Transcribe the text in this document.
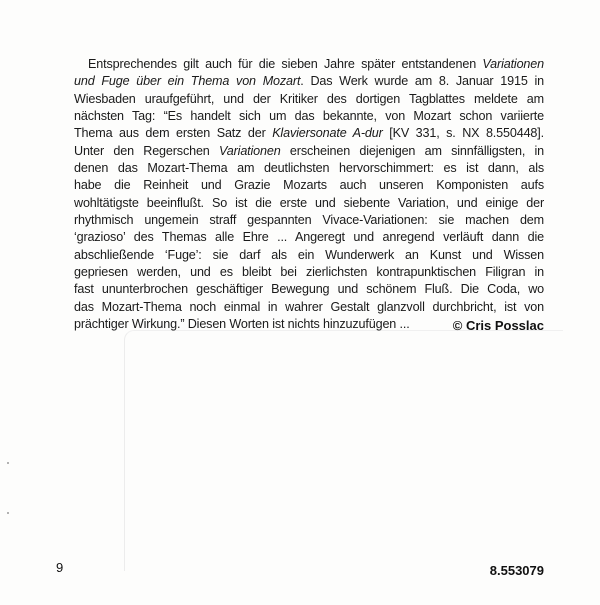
Entsprechendes gilt auch für die sieben Jahre später entstandenen Variationen
und Fuge über ein Thema von Mozart. Das Werk wurde am 8. Januar 1915 in
Wiesbaden uraufgeführt, und der Kritiker des dortigen Tagblattes meldete am
nächsten Tag: “Es handelt sich um das bekannte, von Mozart schon variierte
Thema aus dem ersten Satz der Klaviersonate A-dur [KV 331, s. NX 8.550448].
Unter den Regerschen Variationen erscheinen diejenigen am sinnfälligsten, in
denen das Mozart-Thema am deutlichsten hervorschimmert: es ist dann, als
habe die Reinheit und Grazie Mozarts auch unseren Komponisten aufs
wohltätigste beeinflußt. So ist die erste und siebente Variation, und einige der
rhythmisch ungemein straff gespannten Vivace-Variationen: sie machen dem
‘grazioso’ des Themas alle Ehre ... Angeregt und anregend verläuft dann die
abschließende ‘Fuge’: sie darf als ein Wunderwerk an Kunst und Wissen
gepriesen werden, und es bleibt bei zierlichsten kontrapunktischen Filigran in
fast ununterbrochen geschäftiger Bewegung und schönem Fluß. Die Coda, wo
das Mozart-Thema noch einmal in wahrer Gestalt glanzvoll durchbricht, ist von
prächtiger Wirkung.” Diesen Worten ist nichts hinzuzufügen ...	© Cris Posslac
9	8.553079
